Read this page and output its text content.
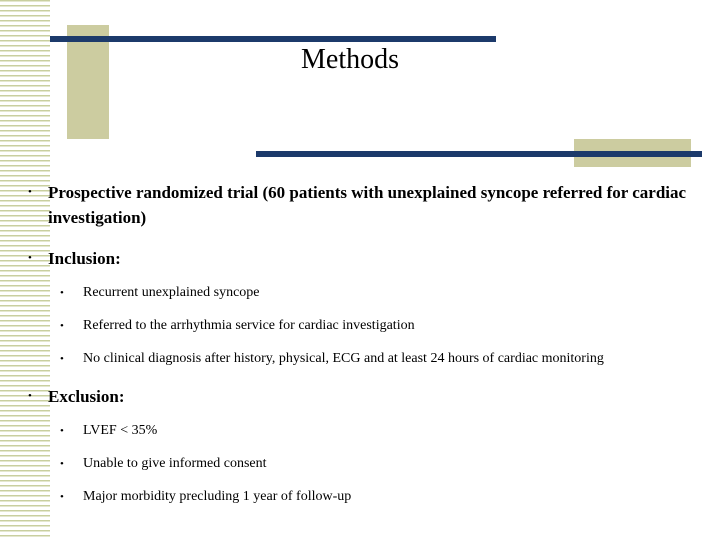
Methods
• Prospective randomized trial (60 patients with unexplained syncope referred for cardiac investigation)
• Inclusion:
• Recurrent unexplained syncope
• Referred to the arrhythmia service for cardiac investigation
• No clinical diagnosis after history, physical, ECG and at least 24 hours of cardiac monitoring
• Exclusion:
• LVEF < 35%
• Unable to give informed consent
• Major morbidity precluding 1 year of follow-up
